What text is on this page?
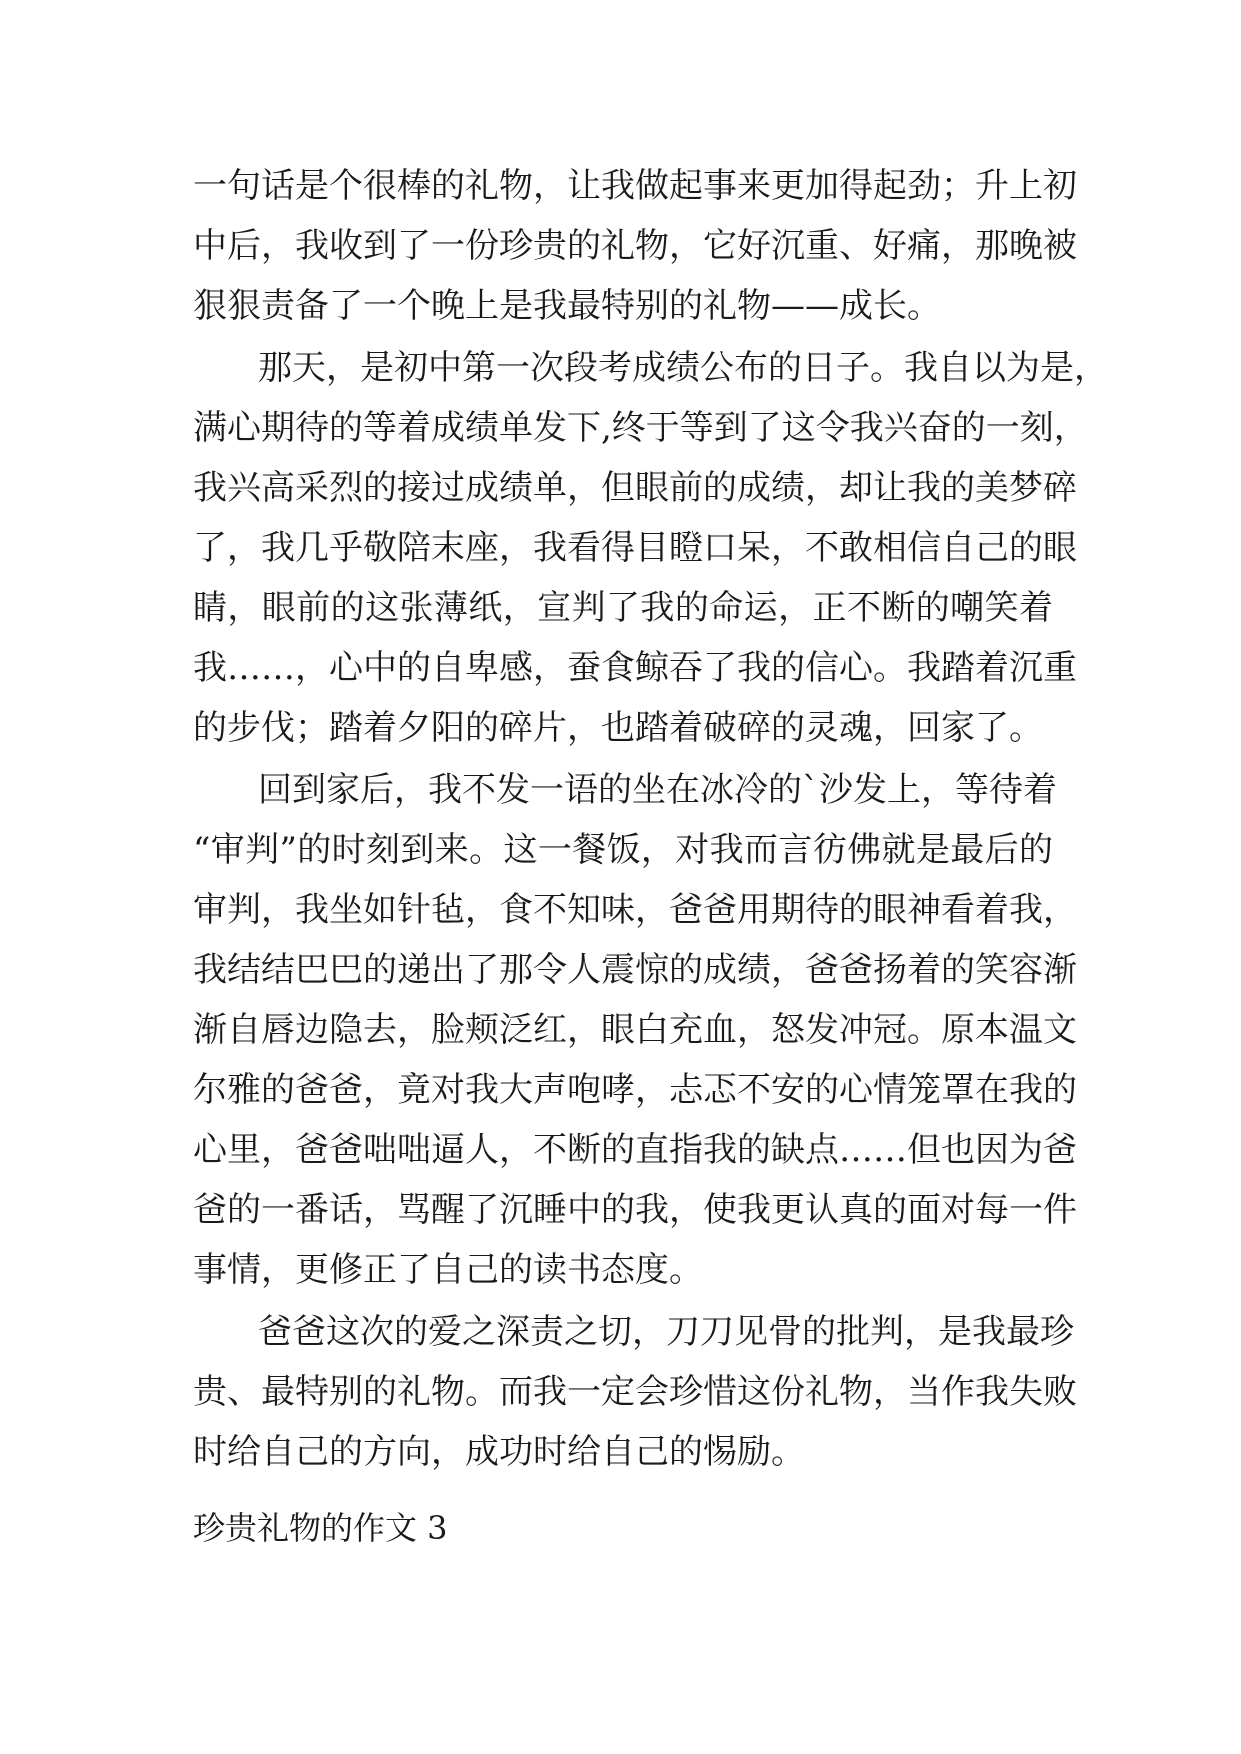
一句话是个很棒的礼物，让我做起事来更加得起劲；升上初
中后，我收到了一份珍贵的礼物，它好沉重、好痛，那晚被
狠狠责备了一个晚上是我最特别的礼物——成长。
那天，是初中第一次段考成绩公布的日子。我自以为是，
满心期待的等着成绩单发下,终于等到了这令我兴奋的一刻，
我兴高采烈的接过成绩单，但眼前的成绩，却让我的美梦碎
了，我几乎敬陪末座，我看得目瞪口呆，不敢相信自己的眼
睛，眼前的这张薄纸，宣判了我的命运，正不断的嘲笑着
我……，心中的自卑感，蚕食鲸吞了我的信心。我踏着沉重
的步伐；踏着夕阳的碎片，也踏着破碎的灵魂，回家了。
回到家后，我不发一语的坐在冰冷的`沙发上，等待着
“审判”的时刻到来。这一餐饭，对我而言彷佛就是最后的
审判，我坐如针毡，食不知味，爸爸用期待的眼神看着我，
我结结巴巴的递出了那令人震惊的成绩，爸爸扬着的笑容渐
渐自唇边隐去，脸颊泛红，眼白充血，怒发冲冠。原本温文
尔雅的爸爸，竟对我大声咆哮，忐忑不安的心情笼罩在我的
心里，爸爸咄咄逼人，不断的直指我的缺点……但也因为爸
爸的一番话，骂醒了沉睡中的我，使我更认真的面对每一件
事情，更修正了自己的读书态度。
爸爸这次的爱之深责之切，刀刀见骨的批判，是我最珍
贵、最特别的礼物。而我一定会珍惜这份礼物，当作我失败
时给自己的方向，成功时给自己的惕励。
珍贵礼物的作文 3
